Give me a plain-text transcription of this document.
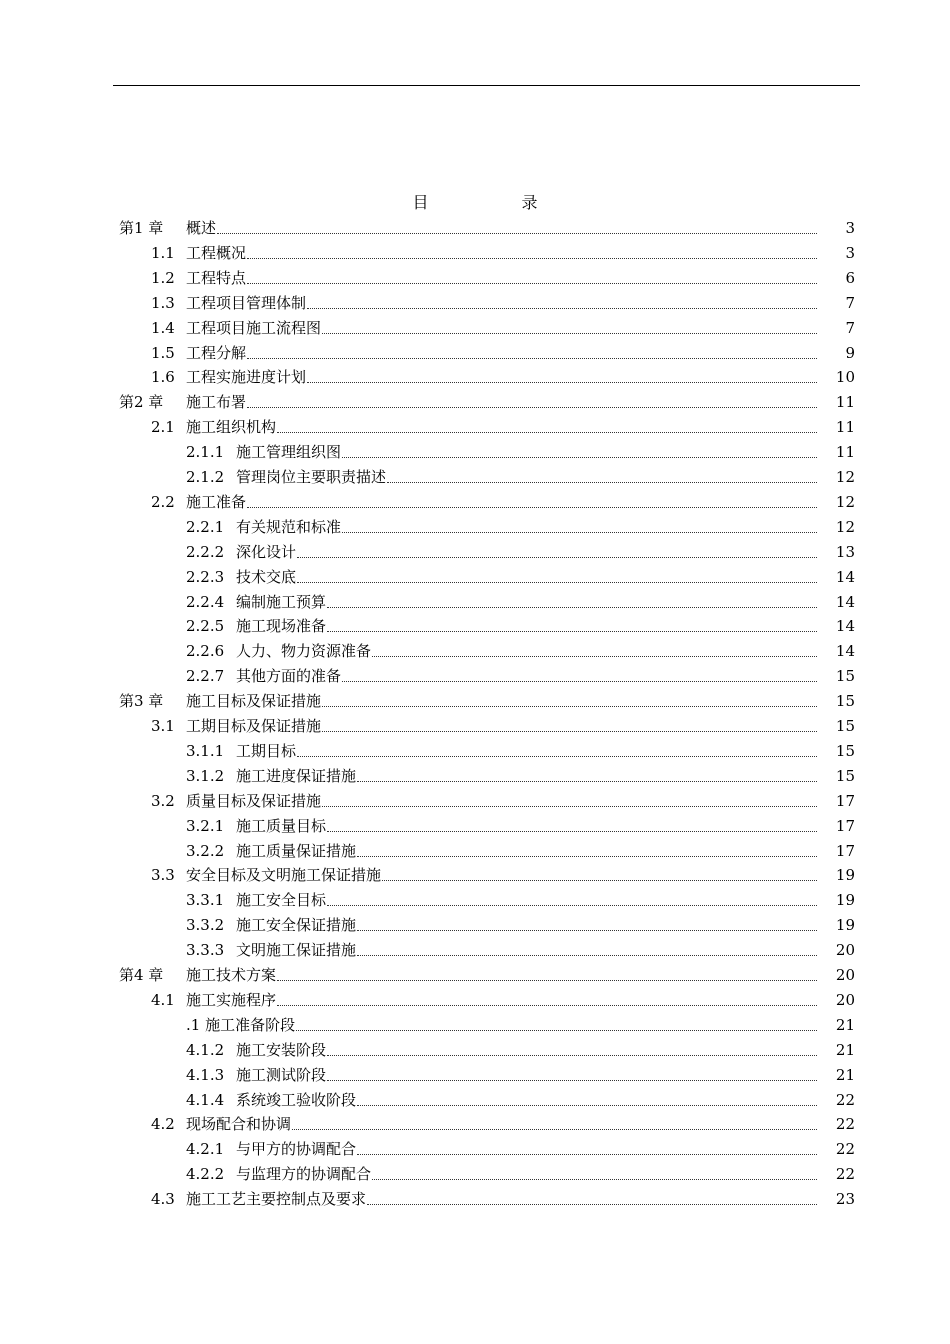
目 录
第1 章	概述	3
1.1 工程概况	3
1.2 工程特点	6
1.3 工程项目管理体制	7
1.4 工程项目施工流程图	7
1.5 工程分解	9
1.6 工程实施进度计划	10
第2 章	施工布署	11
2.1 施工组织机构	11
2.1.1 施工管理组织图	11
2.1.2 管理岗位主要职责描述	12
2.2 施工准备	12
2.2.1 有关规范和标准	12
2.2.2 深化设计	13
2.2.3 技术交底	14
2.2.4 编制施工预算	14
2.2.5 施工现场准备	14
2.2.6 人力、物力资源准备	14
2.2.7 其他方面的准备	15
第3 章	施工目标及保证措施	15
3.1 工期目标及保证措施	15
3.1.1 工期目标	15
3.1.2 施工进度保证措施	15
3.2 质量目标及保证措施	17
3.2.1 施工质量目标	17
3.2.2 施工质量保证措施	17
3.3 安全目标及文明施工保证措施	19
3.3.1 施工安全目标	19
3.3.2 施工安全保证措施	19
3.3.3 文明施工保证措施	20
第4 章	施工技术方案	20
4.1 施工实施程序	20
.1 施工准备阶段	21
4.1.2 施工安装阶段	21
4.1.3 施工测试阶段	21
4.1.4 系统竣工验收阶段	22
4.2 现场配合和协调	22
4.2.1 与甲方的协调配合	22
4.2.2 与监理方的协调配合	22
4.3 施工工艺主要控制点及要求	23
